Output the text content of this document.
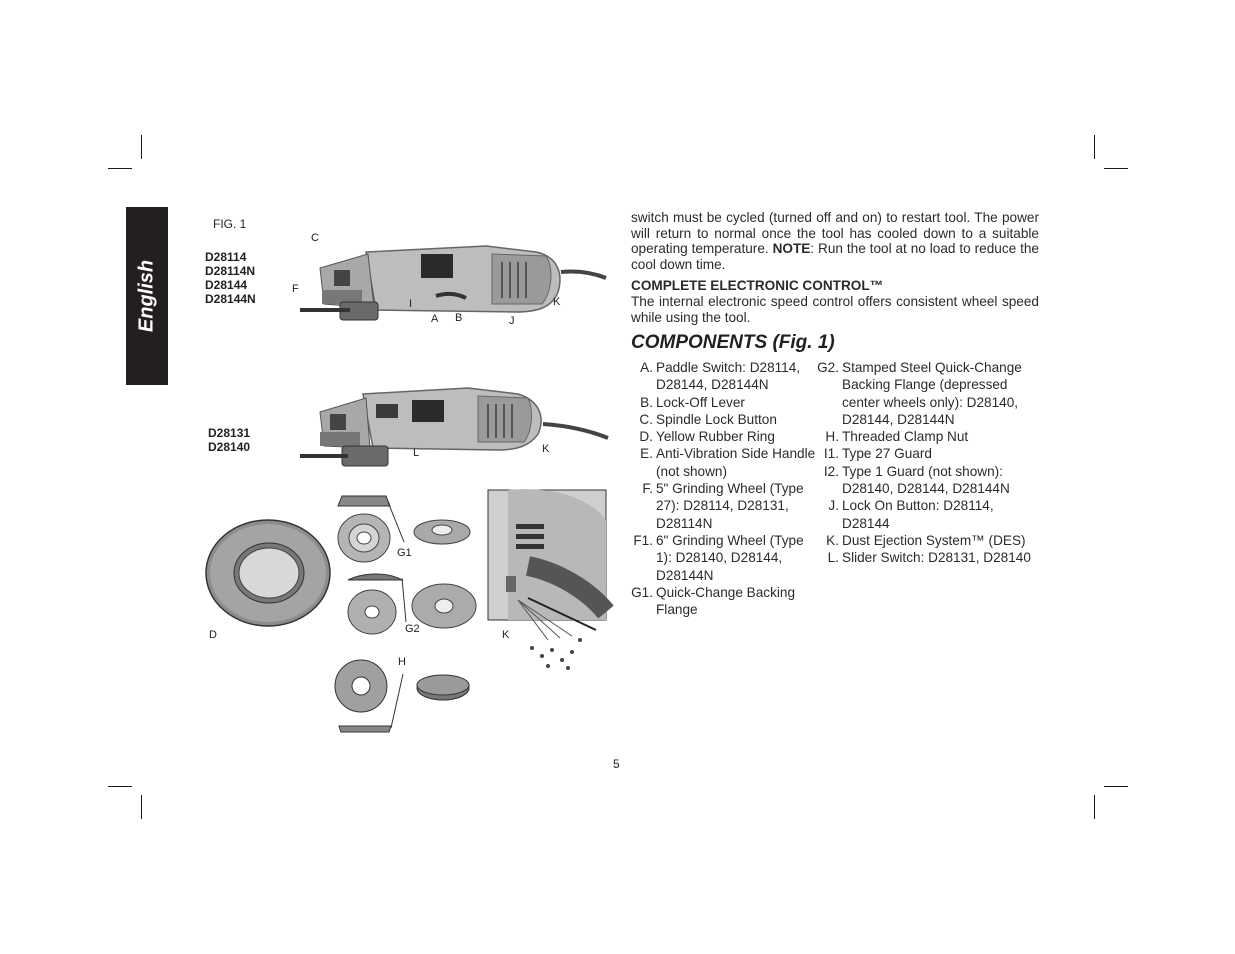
English
FIG. 1
D28114
D28114N
D28144
D28144N
D28131
D28140
C
F
I
A B	J
K
L	K
D
G1
G2
H
K
switch must be cycled (turned off and on) to restart tool. The power will return to normal once the tool has cooled down to a suitable operating temperature. NOTE: Run the tool at no load to reduce the cool down time.
COMPLETE ELECTRONIC CONTROL™
The internal electronic speed control offers consistent wheel speed while using the tool.
COMPONENTS (Fig. 1)
A. Paddle Switch: D28114, D28144, D28144N
B. Lock-Off Lever
C. Spindle Lock Button
D. Yellow Rubber Ring
E. Anti-Vibration Side Handle (not shown)
F. 5" Grinding Wheel (Type 27): D28114, D28131, D28114N
F1. 6" Grinding Wheel (Type 1): D28140, D28144, D28144N
G1. Quick-Change Backing Flange
G2. Stamped Steel Quick-Change Backing Flange (depressed center wheels only): D28140, D28144, D28144N
H. Threaded Clamp Nut
I1. Type 27 Guard
I2. Type 1 Guard (not shown): D28140, D28144, D28144N
J. Lock On Button: D28114, D28144
K. Dust Ejection System™ (DES)
L. Slider Switch: D28131, D28140
5
